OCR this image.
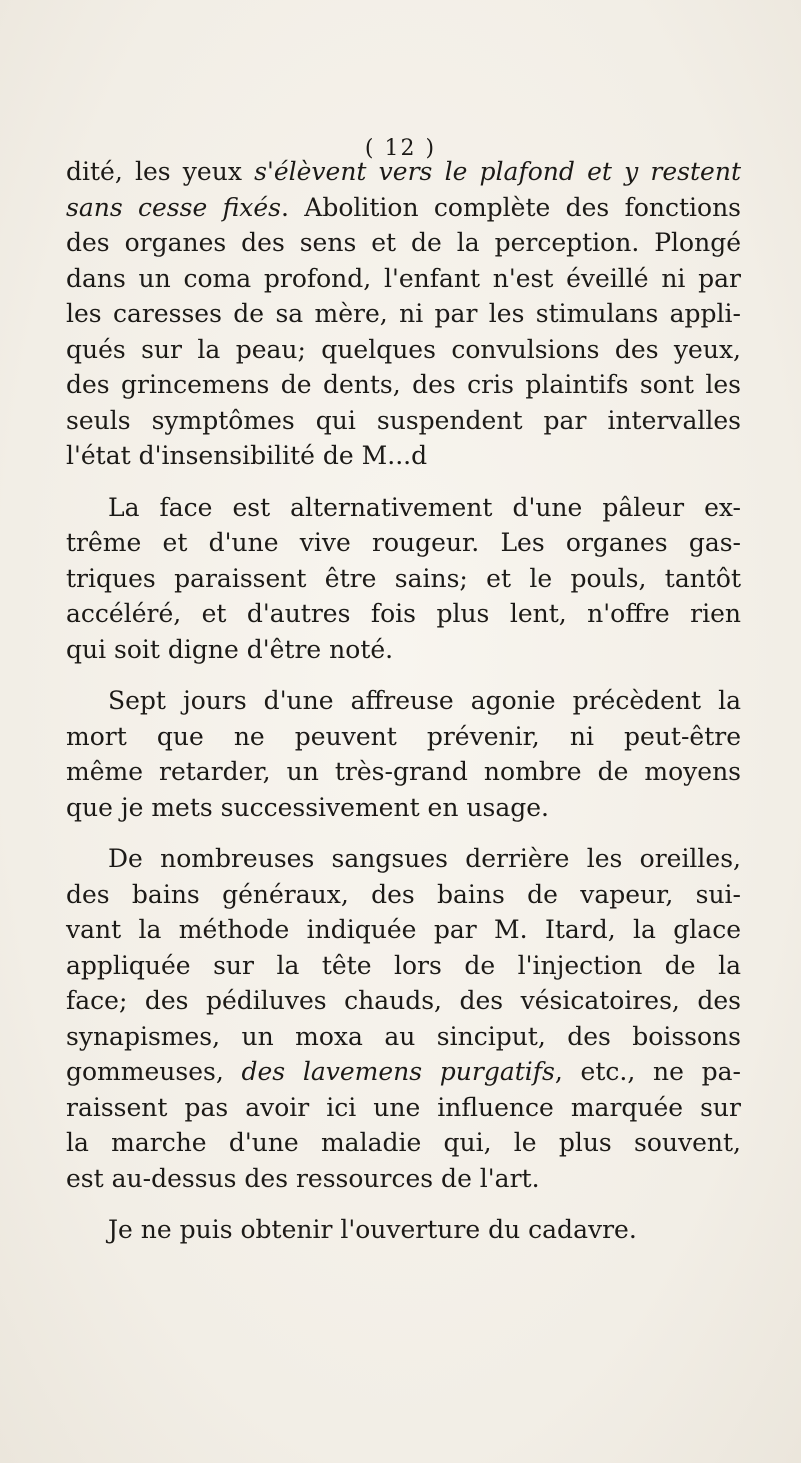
( 12 )
dité, les yeux s'élèvent vers le plafond et y restent
sans cesse fixés. Abolition complète des fonctions
des organes des sens et de la perception. Plongé
dans un coma profond, l'enfant n'est éveillé ni par
les caresses de sa mère, ni par les stimulans appli-
qués sur la peau; quelques convulsions des yeux,
des grincemens de dents, des cris plaintifs sont les
seuls symptômes qui suspendent par intervalles
l'état d'insensibilité de M...d
La face est alternativement d'une pâleur ex-
trême et d'une vive rougeur. Les organes gas-
triques paraissent être sains; et le pouls, tantôt
accéléré, et d'autres fois plus lent, n'offre rien
qui soit digne d'être noté.
Sept jours d'une affreuse agonie précèdent la
mort que ne peuvent prévenir, ni peut-être
même retarder, un très-grand nombre de moyens
que je mets successivement en usage.
De nombreuses sangsues derrière les oreilles,
des bains généraux, des bains de vapeur, sui-
vant la méthode indiquée par M. Itard, la glace
appliquée sur la tête lors de l'injection de la
face; des pédiluves chauds, des vésicatoires, des
synapismes, un moxa au sinciput, des boissons
gommeuses, des lavemens purgatifs, etc., ne pa-
raissent pas avoir ici une influence marquée sur
la marche d'une maladie qui, le plus souvent,
est au-dessus des ressources de l'art.
Je ne puis obtenir l'ouverture du cadavre.
